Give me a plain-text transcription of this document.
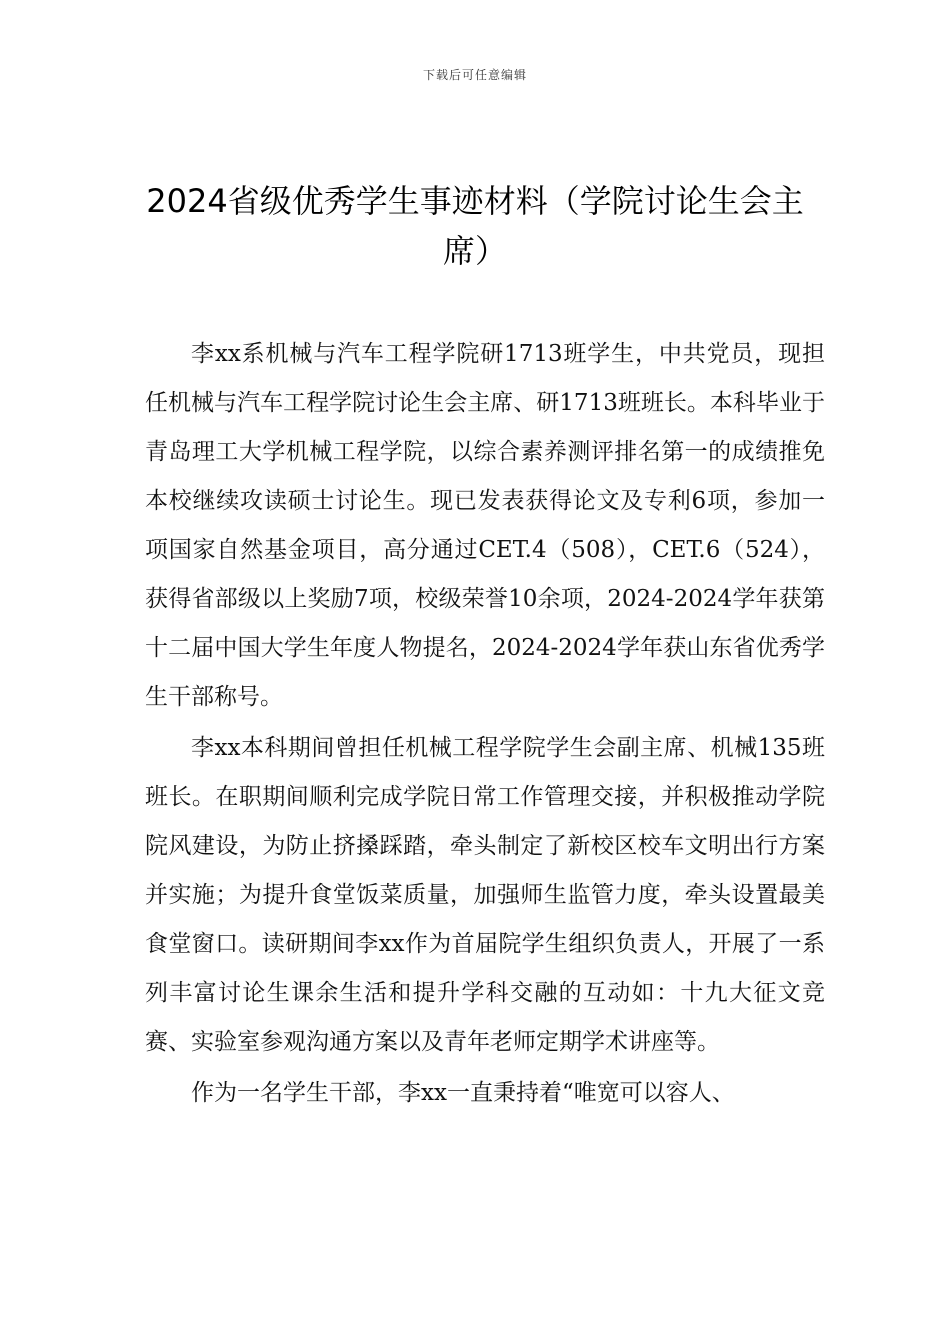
下载后可任意编辑
2024省级优秀学生事迹材料（学院讨论生会主席）

李xx系机械与汽车工程学院研1713班学生，中共党员，现担任机械与汽车工程学院讨论生会主席、研1713班班长。本科毕业于青岛理工大学机械工程学院，以综合素养测评排名第一的成绩推免本校继续攻读硕士讨论生。现已发表获得论文及专利6项，参加一项国家自然基金项目，高分通过CET.4（508），CET.6（524），获得省部级以上奖励7项，校级荣誉10余项，2024-2024学年获第十二届中国大学生年度人物提名，2024-2024学年获山东省优秀学生干部称号。

李xx本科期间曾担任机械工程学院学生会副主席、机械135班班长。在职期间顺利完成学院日常工作管理交接，并积极推动学院院风建设，为防止挤搡踩踏，牵头制定了新校区校车文明出行方案并实施；为提升食堂饭菜质量，加强师生监管力度，牵头设置最美食堂窗口。读研期间李xx作为首届院学生组织负责人，开展了一系列丰富讨论生课余生活和提升学科交融的互动如：十九大征文竞赛、实验室参观沟通方案以及青年老师定期学术讲座等。

作为一名学生干部，李xx一直秉持着“唯宽可以容人、
